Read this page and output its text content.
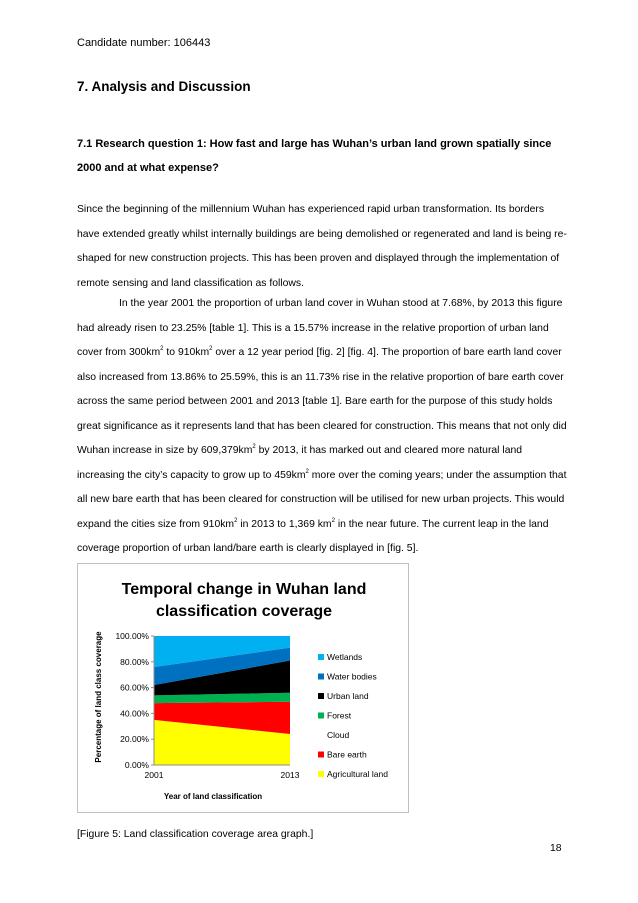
Candidate number: 106443
7. Analysis and Discussion
7.1 Research question 1: How fast and large has Wuhan’s urban land grown spatially since 2000 and at what expense?

Since the beginning of the millennium Wuhan has experienced rapid urban transformation. Its borders have extended greatly whilst internally buildings are being demolished or regenerated and land is being re-shaped for new construction projects. This has been proven and displayed through the implementation of remote sensing and land classification as follows.

In the year 2001 the proportion of urban land cover in Wuhan stood at 7.68%, by 2013 this figure had already risen to 23.25% [table 1]. This is a 15.57% increase in the relative proportion of urban land cover from $300km^2$ to $910km^2$ over a 12 year period [fig. 2] [fig. 4]. The proportion of bare earth land cover also increased from 13.86% to 25.59%, this is an 11.73% rise in the relative proportion of bare earth cover across the same period between 2001 and 2013 [table 1]. Bare earth for the purpose of this study holds great significance as it represents land that has been cleared for construction. This means that not only did Wuhan increase in size by $609,379km^2$ by 2013, it has marked out and cleared more natural land increasing the city’s capacity to grow up to $459km^2$ more over the coming years; under the assumption that all new bare earth that has been cleared for construction will be utilised for new urban projects. This would expand the cities size from $910km^2$ in 2013 to 1,369 $km^2$ in the near future. The current leap in the land coverage proportion of urban land/bare earth is clearly displayed in [fig. 5].

Temporal change in Wuhan land
classification coverage
0.00%
20.00%
40.00%
60.00%
80.00%
100.00%
2001	2013
Wetlands
Water bodies
Urban land
Forest
Cloud
Bare earth
Agricultural land
Year of land classification
Percentage of land class coverage
[Figure 5: Land classification coverage area graph.]
18
